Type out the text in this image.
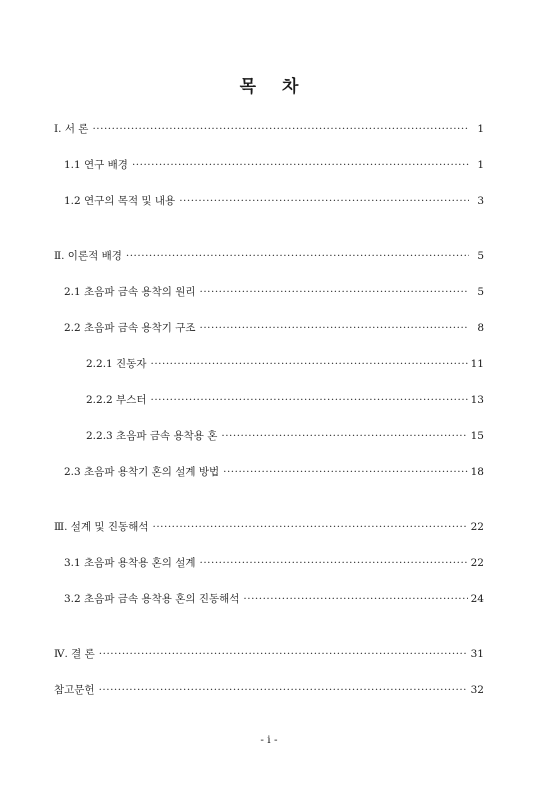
목 차
Ⅰ. 서 론 ·····	1
1.1 연구 배경 ·····	1
1.2 연구의 목적 및 내용 ·····	3
Ⅱ. 이론적 배경 ·····	5
2.1 초음파 금속 용착의 원리 ·····	5
2.2 초음파 금속 용착기 구조 ·····	8
2.2.1 진동자 ·····	11
2.2.2 부스터 ·····	13
2.2.3 초음파 금속 용착용 혼 ·····	15
2.3 초음파 용착기 혼의 설계 방법 ·····	18
Ⅲ. 설계 및 진동해석 ·····	22
3.1 초음파 용착용 혼의 설계 ·····	22
3.2 초음파 금속 용착용 혼의 진동해석 ·····	24
Ⅳ. 결 론 ·····	31
참고문헌 ·····	32
- i -
